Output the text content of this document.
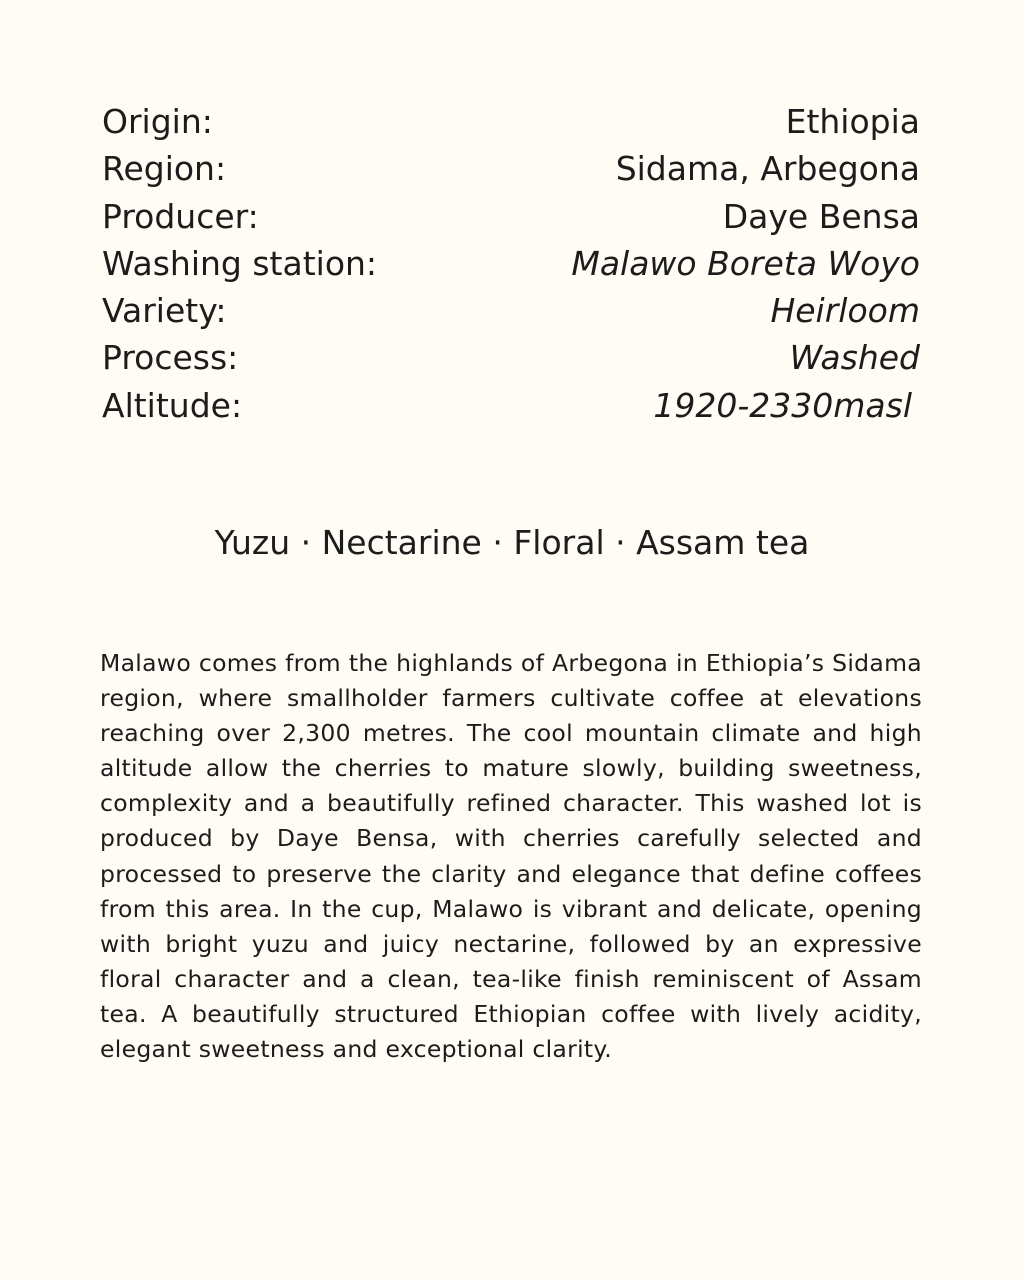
Origin:	Ethiopia
Region:	Sidama, Arbegona
Producer:	Daye Bensa
Washing station:	Malawo Boreta Woyo
Variety:	Heirloom
Process:	Washed
Altitude:	1920-2330masl
Yuzu · Nectarine · Floral · Assam tea

Malawo comes from the highlands of Arbegona in Ethiopia’s Sidama region, where smallholder farmers cultivate coffee at elevations reaching over 2,300 metres. The cool mountain climate and high altitude allow the cherries to mature slowly, building sweetness, complexity and a beautifully refined character. This washed lot is produced by Daye Bensa, with cherries carefully selected and processed to preserve the clarity and elegance that define coffees from this area. In the cup, Malawo is vibrant and delicate, opening with bright yuzu and juicy nectarine, followed by an expressive floral character and a clean, tea-like finish reminiscent of Assam tea. A beautifully structured Ethiopian coffee with lively acidity, elegant sweetness and exceptional clarity.
